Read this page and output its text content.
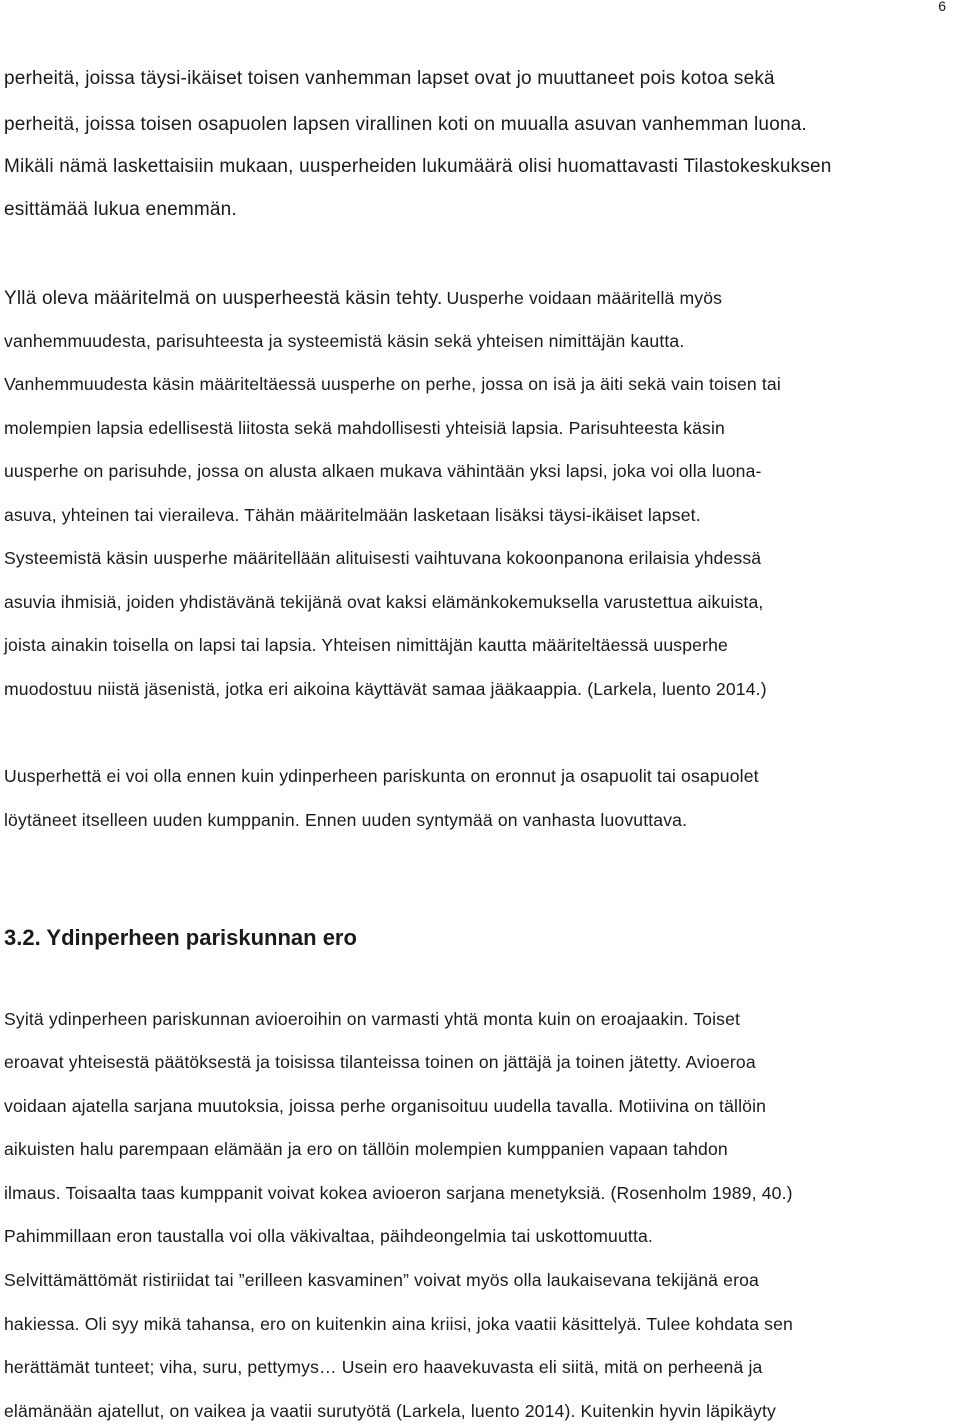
6

perheitä, joissa täysi-ikäiset toisen vanhemman lapset ovat jo muuttaneet pois kotoa sekä

perheitä, joissa toisen osapuolen lapsen virallinen koti on muualla asuvan vanhemman luona.

Mikäli nämä laskettaisiin mukaan, uusperheiden lukumäärä olisi huomattavasti Tilastokeskuksen

esittämää lukua enemmän.

Yllä oleva määritelmä on uusperheestä käsin tehty. Uusperhe voidaan määritellä myös

vanhemmuudesta, parisuhteesta ja systeemistä käsin sekä yhteisen nimittäjän kautta.

Vanhemmuudesta käsin määriteltäessä uusperhe on perhe, jossa on isä ja äiti sekä vain toisen tai

molempien lapsia edellisestä liitosta sekä mahdollisesti yhteisiä lapsia. Parisuhteesta käsin

uusperhe on parisuhde, jossa on alusta alkaen mukava vähintään yksi lapsi, joka voi olla luona-

asuva, yhteinen tai vieraileva. Tähän määritelmään lasketaan lisäksi täysi-ikäiset lapset.

Systeemistä käsin uusperhe määritellään alituisesti vaihtuvana kokoonpanona erilaisia yhdessä

asuvia ihmisiä, joiden yhdistävänä tekijänä ovat kaksi elämänkokemuksella varustettua aikuista,

joista ainakin toisella on lapsi tai lapsia. Yhteisen nimittäjän kautta määriteltäessä uusperhe

muodostuu niistä jäsenistä, jotka eri aikoina käyttävät samaa jääkaappia. (Larkela, luento 2014.)

Uusperhettä ei voi olla ennen kuin ydinperheen pariskunta on eronnut ja osapuolit tai osapuolet

löytäneet itselleen uuden kumppanin. Ennen uuden syntymää on vanhasta luovuttava.

3.2. Ydinperheen pariskunnan ero

Syitä ydinperheen pariskunnan avioeroihin on varmasti yhtä monta kuin on eroajaakin. Toiset

eroavat yhteisestä päätöksestä ja toisissa tilanteissa toinen on jättäjä ja toinen jätetty. Avioeroa

voidaan ajatella sarjana muutoksia, joissa perhe organisoituu uudella tavalla. Motiivina on tällöin

aikuisten halu parempaan elämään ja ero on tällöin molempien kumppanien vapaan tahdon

ilmaus. Toisaalta taas kumppanit voivat kokea avioeron sarjana menetyksiä. (Rosenholm 1989, 40.)

Pahimmillaan eron taustalla voi olla väkivaltaa, päihdeongelmia tai uskottomuutta.

Selvittämättömät ristiriidat tai ”erilleen kasvaminen” voivat myös olla laukaisevana tekijänä eroa

hakiessa. Oli syy mikä tahansa, ero on kuitenkin aina kriisi, joka vaatii käsittelyä. Tulee kohdata sen

herättämät tunteet; viha, suru, pettymys… Usein ero haavekuvasta eli siitä, mitä on perheenä ja

elämänään ajatellut, on vaikea ja vaatii surutyötä (Larkela, luento 2014). Kuitenkin hyvin läpikäyty
